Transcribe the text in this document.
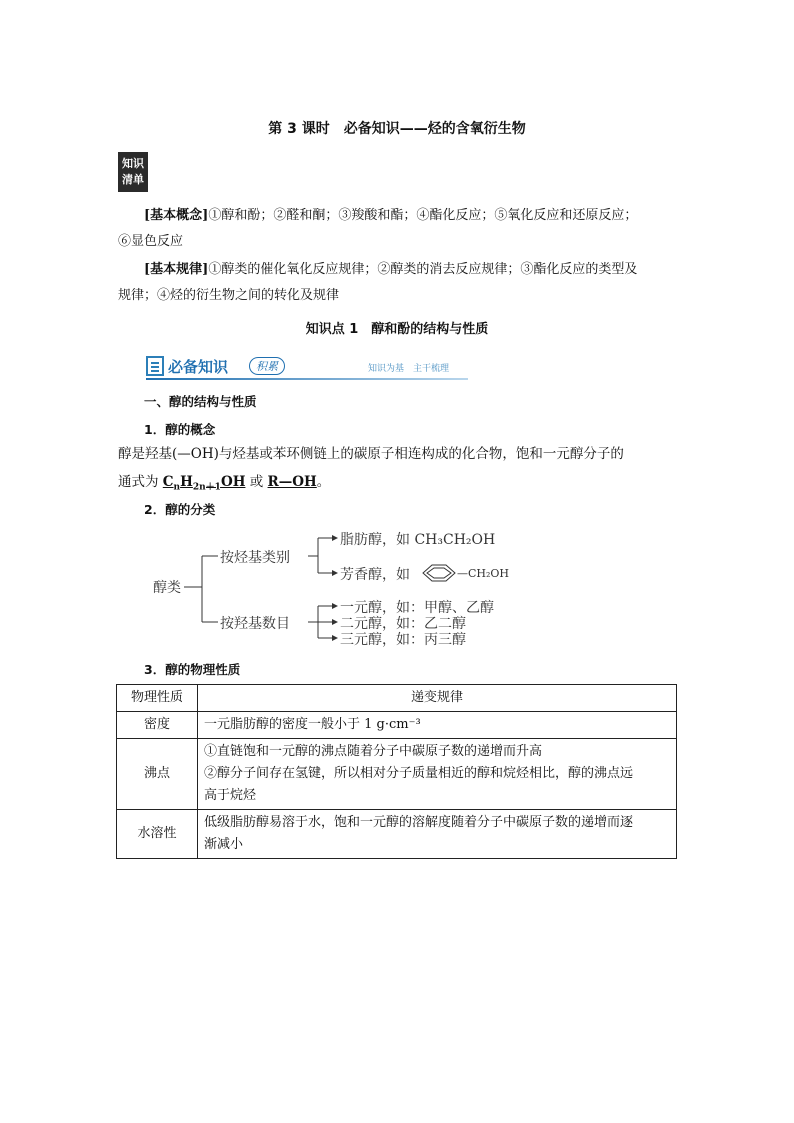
第 3 课时　必备知识——烃的含氧衍生物
知识
清单
[基本概念]①醇和酚；②醛和酮；③羧酸和酯；④酯化反应；⑤氧化反应和还原反应；
⑥显色反应
[基本规律]①醇类的催化氧化反应规律；②醇类的消去反应规律；③酯化反应的类型及
规律；④烃的衍生物之间的转化及规律
知识点 1　醇和酚的结构与性质
必备知识	积累	知识为基　主干梳理
一、醇的结构与性质
1．醇的概念
醇是羟基(—OH)与烃基或苯环侧链上的碳原子相连构成的化合物，饱和一元醇分子的
通式为 $C_nH_{2n+1}OH$ 或 R—OH。
2．醇的分类
醇类
按烃基类别
脂肪醇，如 CH₃CH₂OH
芳香醇，如	—CH₂OH
按羟基数目
一元醇，如：甲醇、乙醇
二元醇，如：乙二醇
三元醇，如：丙三醇
3．醇的物理性质
物理性质	递变规律
密度	一元脂肪醇的密度一般小于 1 g·cm⁻³
沸点	①直链饱和一元醇的沸点随着分子中碳原子数的递增而升高
②醇分子间存在氢键，所以相对分子质量相近的醇和烷烃相比，醇的沸点远
高于烷烃

水溶性	低级脂肪醇易溶于水，饱和一元醇的溶解度随着分子中碳原子数的递增而逐
渐减小
